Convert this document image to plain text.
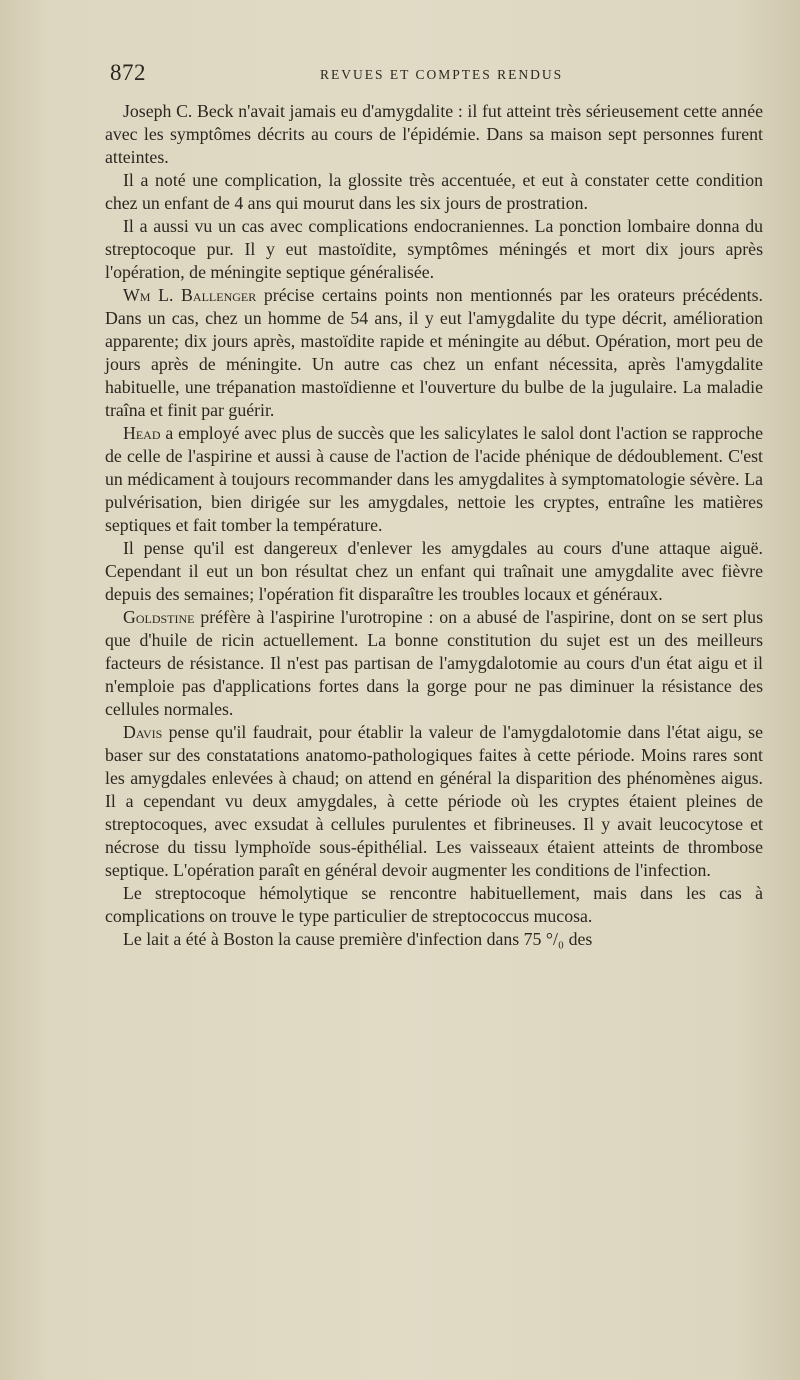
872	REVUES ET COMPTES RENDUS

Joseph C. Beck n'avait jamais eu d'amygdalite : il fut atteint très sérieusement cette année avec les symptômes décrits au cours de l'épidémie. Dans sa maison sept personnes furent atteintes.

Il a noté une complication, la glossite très accentuée, et eut à constater cette condition chez un enfant de 4 ans qui mourut dans les six jours de prostration.

Il a aussi vu un cas avec complications endocraniennes. La ponction lombaire donna du streptocoque pur. Il y eut mastoïdite, symptômes méningés et mort dix jours après l'opération, de méningite septique généralisée.

Wm L. Ballenger précise certains points non mentionnés par les orateurs précédents. Dans un cas, chez un homme de 54 ans, il y eut l'amygdalite du type décrit, amélioration apparente; dix jours après, mastoïdite rapide et méningite au début. Opération, mort peu de jours après de méningite. Un autre cas chez un enfant nécessita, après l'amygdalite habituelle, une trépanation mastoïdienne et l'ouverture du bulbe de la jugulaire. La maladie traîna et finit par guérir.

Head a employé avec plus de succès que les salicylates le salol dont l'action se rapproche de celle de l'aspirine et aussi à cause de l'action de l'acide phénique de dédoublement. C'est un médicament à toujours recommander dans les amygdalites à symptomatologie sévère. La pulvérisation, bien dirigée sur les amygdales, nettoie les cryptes, entraîne les matières septiques et fait tomber la température.

Il pense qu'il est dangereux d'enlever les amygdales au cours d'une attaque aiguë. Cependant il eut un bon résultat chez un enfant qui traînait une amygdalite avec fièvre depuis des semaines; l'opération fit disparaître les troubles locaux et généraux.

Goldstine préfère à l'aspirine l'urotropine : on a abusé de l'aspirine, dont on se sert plus que d'huile de ricin actuellement. La bonne constitution du sujet est un des meilleurs facteurs de résistance. Il n'est pas partisan de l'amygdalotomie au cours d'un état aigu et il n'emploie pas d'applications fortes dans la gorge pour ne pas diminuer la résistance des cellules normales.

Davis pense qu'il faudrait, pour établir la valeur de l'amygdalotomie dans l'état aigu, se baser sur des constatations anatomo-pathologiques faites à cette période. Moins rares sont les amygdales enlevées à chaud; on attend en général la disparition des phénomènes aigus. Il a cependant vu deux amygdales, à cette période où les cryptes étaient pleines de streptocoques, avec exsudat à cellules purulentes et fibrineuses. Il y avait leucocytose et nécrose du tissu lymphoïde sous-épithélial. Les vaisseaux étaient atteints de thrombose septique. L'opération paraît en général devoir augmenter les conditions de l'infection.

Le streptocoque hémolytique se rencontre habituellement, mais dans les cas à complications on trouve le type particulier de streptococcus mucosa.

Le lait a été à Boston la cause première d'infection dans 75 °/₀ des
